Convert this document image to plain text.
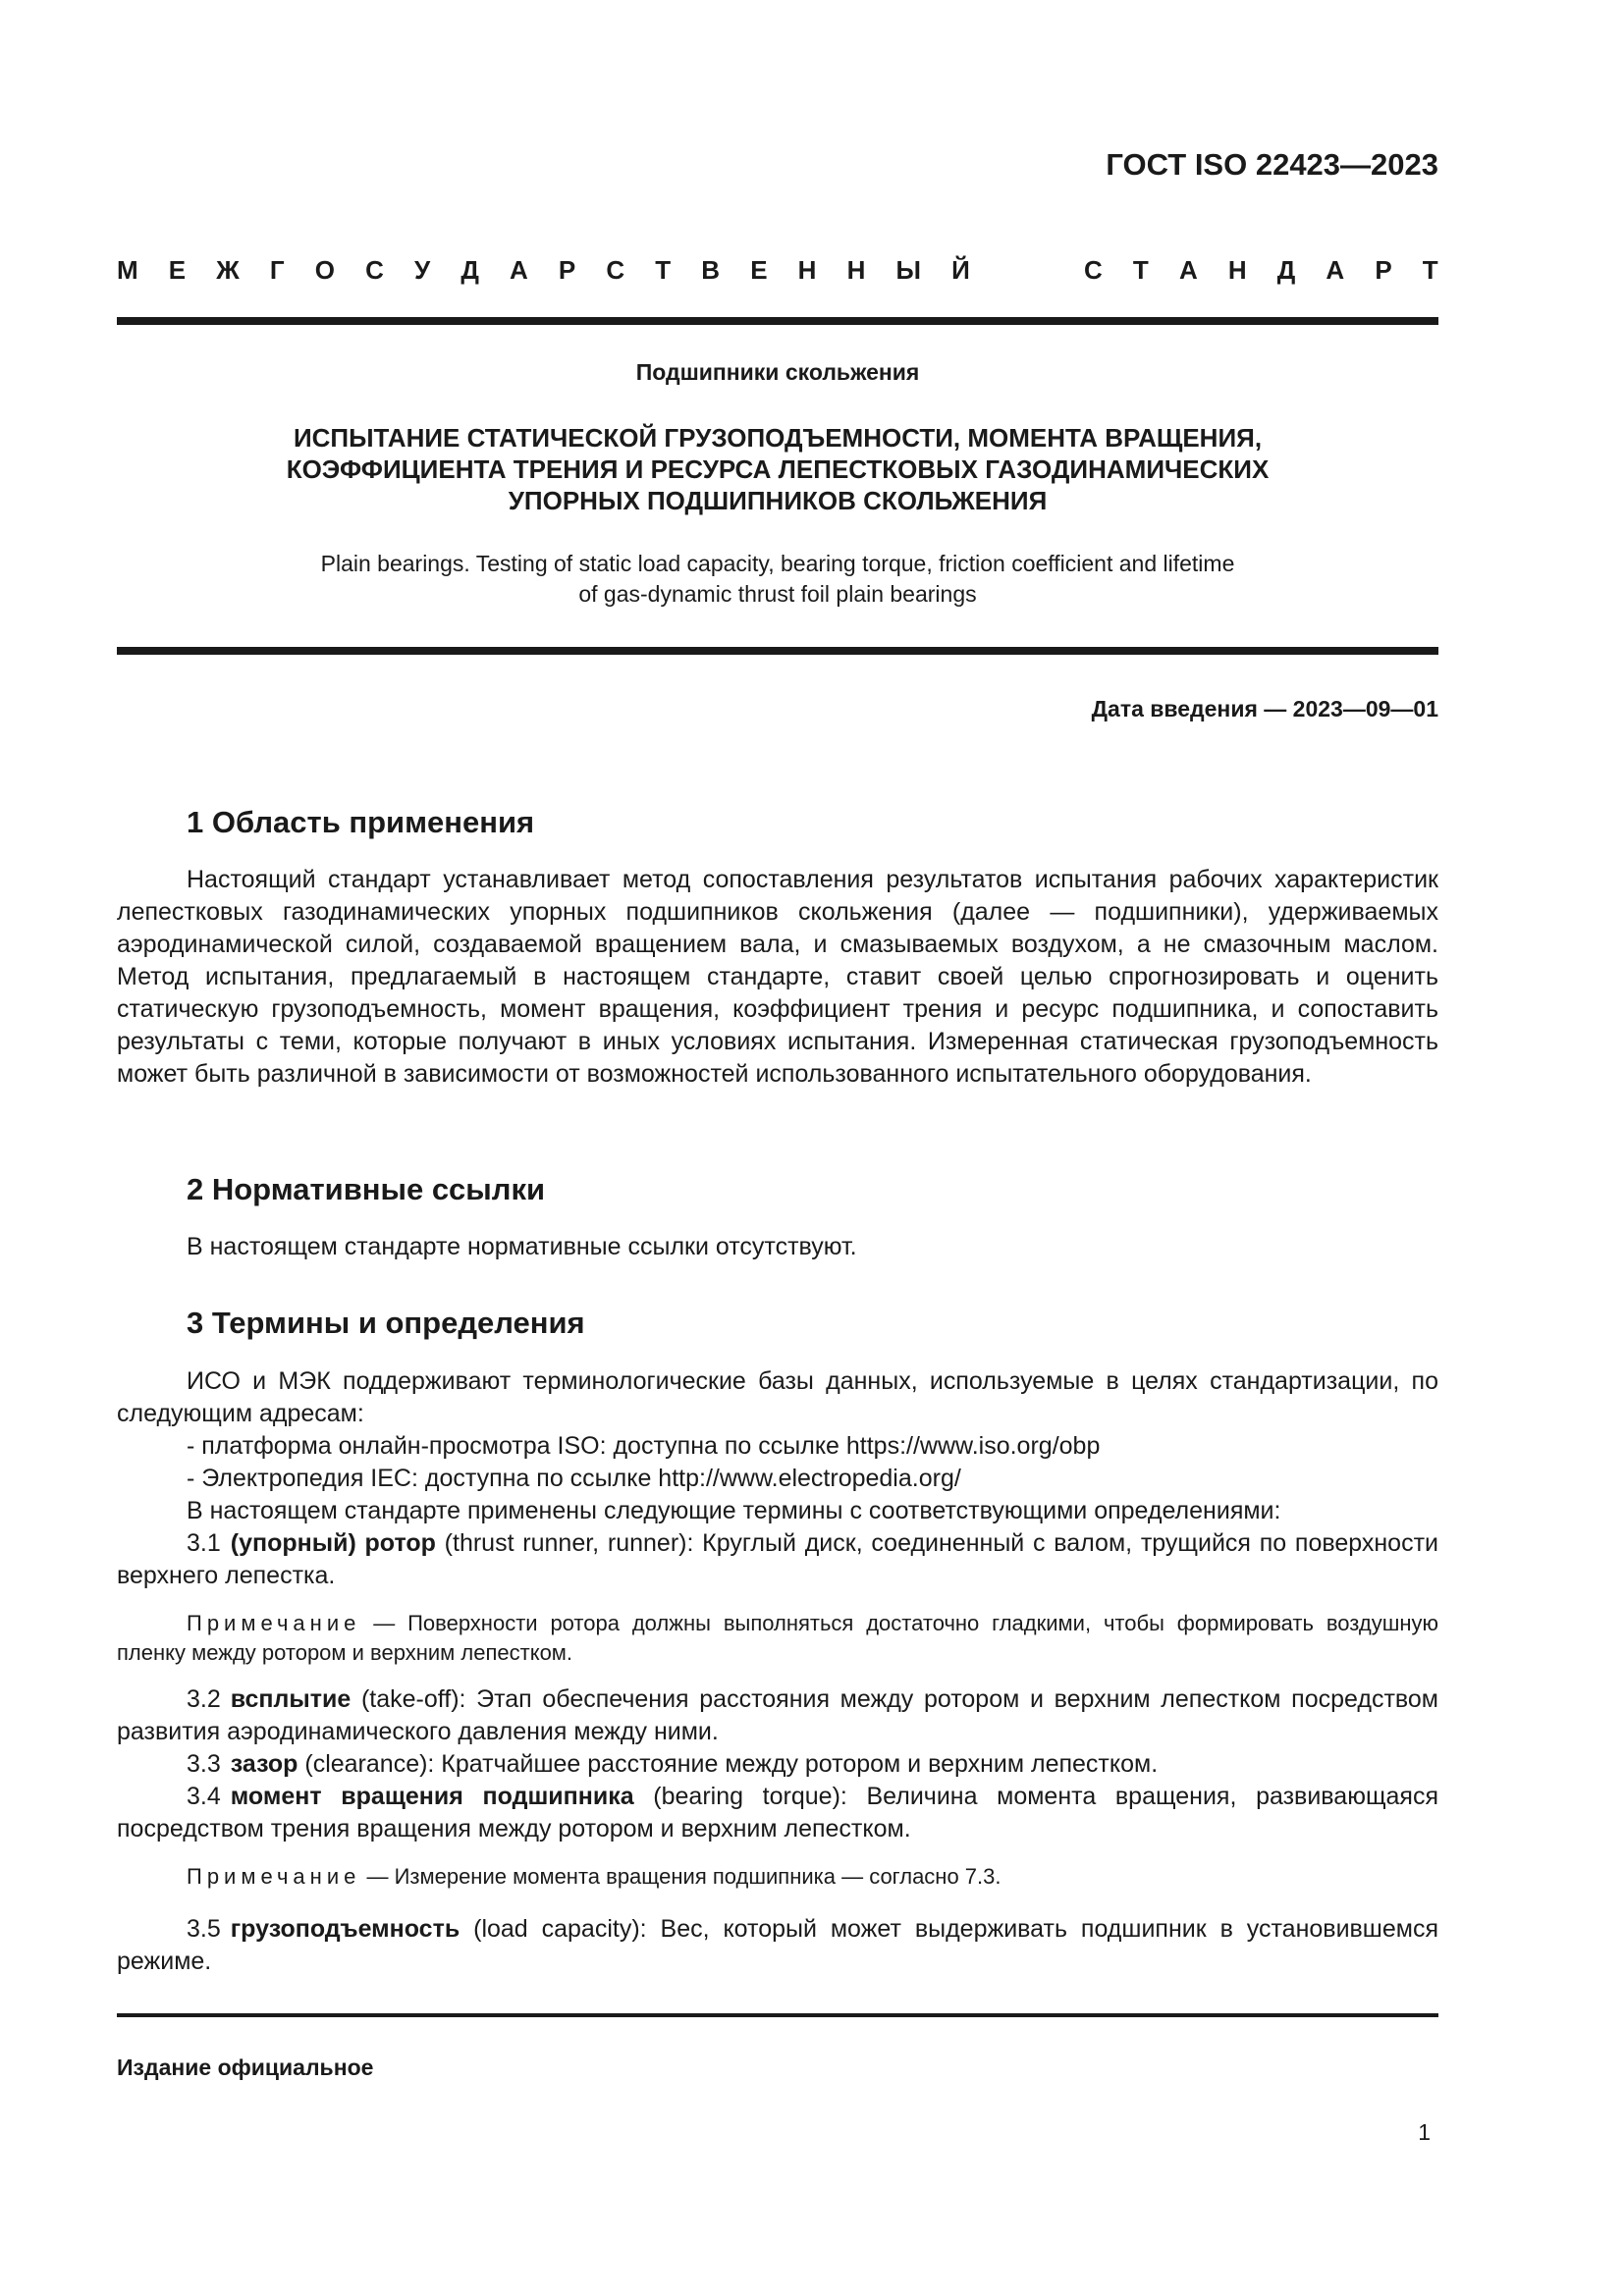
ГОСТ ISO 22423—2023
М Е Ж Г О С У Д А Р С Т В Е Н Н Ы Й	С Т А Н Д А Р Т
Подшипники скольжения
ИСПЫТАНИЕ СТАТИЧЕСКОЙ ГРУЗОПОДЪЕМНОСТИ, МОМЕНТА ВРАЩЕНИЯ,
КОЭФФИЦИЕНТА ТРЕНИЯ И РЕСУРСА ЛЕПЕСТКОВЫХ ГАЗОДИНАМИЧЕСКИХ
УПОРНЫХ ПОДШИПНИКОВ СКОЛЬЖЕНИЯ
Plain bearings. Testing of static load capacity, bearing torque, friction coefficient and lifetime
of gas-dynamic thrust foil plain bearings
Дата введения — 2023—09—01
1 Область применения

Настоящий стандарт устанавливает метод сопоставления результатов испытания рабочих характеристик лепестковых газодинамических упорных подшипников скольжения (далее — подшипники), удерживаемых аэродинамической силой, создаваемой вращением вала, и смазываемых воздухом, а не смазочным маслом. Метод испытания, предлагаемый в настоящем стандарте, ставит своей целью спрогнозировать и оценить статическую грузоподъемность, момент вращения, коэффициент трения и ресурс подшипника, и сопоставить результаты с теми, которые получают в иных условиях испытания. Измеренная статическая грузоподъемность может быть различной в зависимости от возможностей использованного испытательного оборудования.

2 Нормативные ссылки
В настоящем стандарте нормативные ссылки отсутствуют.
3 Термины и определения

ИСО и МЭК поддерживают терминологические базы данных, используемые в целях стандартизации, по следующим адресам:

- платформа онлайн-просмотра ISO: доступна по ссылке https://www.iso.org/obp
- Электропедия IEC: доступна по ссылке http://www.electropedia.org/
В настоящем стандарте применены следующие термины с соответствующими определениями:

3.1 (упорный) ротор (thrust runner, runner): Круглый диск, соединенный с валом, трущийся по поверхности верхнего лепестка.

Примечание — Поверхности ротора должны выполняться достаточно гладкими, чтобы формировать воздушную пленку между ротором и верхним лепестком.

3.2 всплытие (take-off): Этап обеспечения расстояния между ротором и верхним лепестком посредством развития аэродинамического давления между ними.

3.3 зазор (clearance): Кратчайшее расстояние между ротором и верхним лепестком.

3.4 момент вращения подшипника (bearing torque): Величина момента вращения, развивающаяся посредством трения вращения между ротором и верхним лепестком.

Примечание — Измерение момента вращения подшипника — согласно 7.3.

3.5 грузоподъемность (load capacity): Вес, который может выдерживать подшипник в установившемся режиме.

Издание официальное
1
